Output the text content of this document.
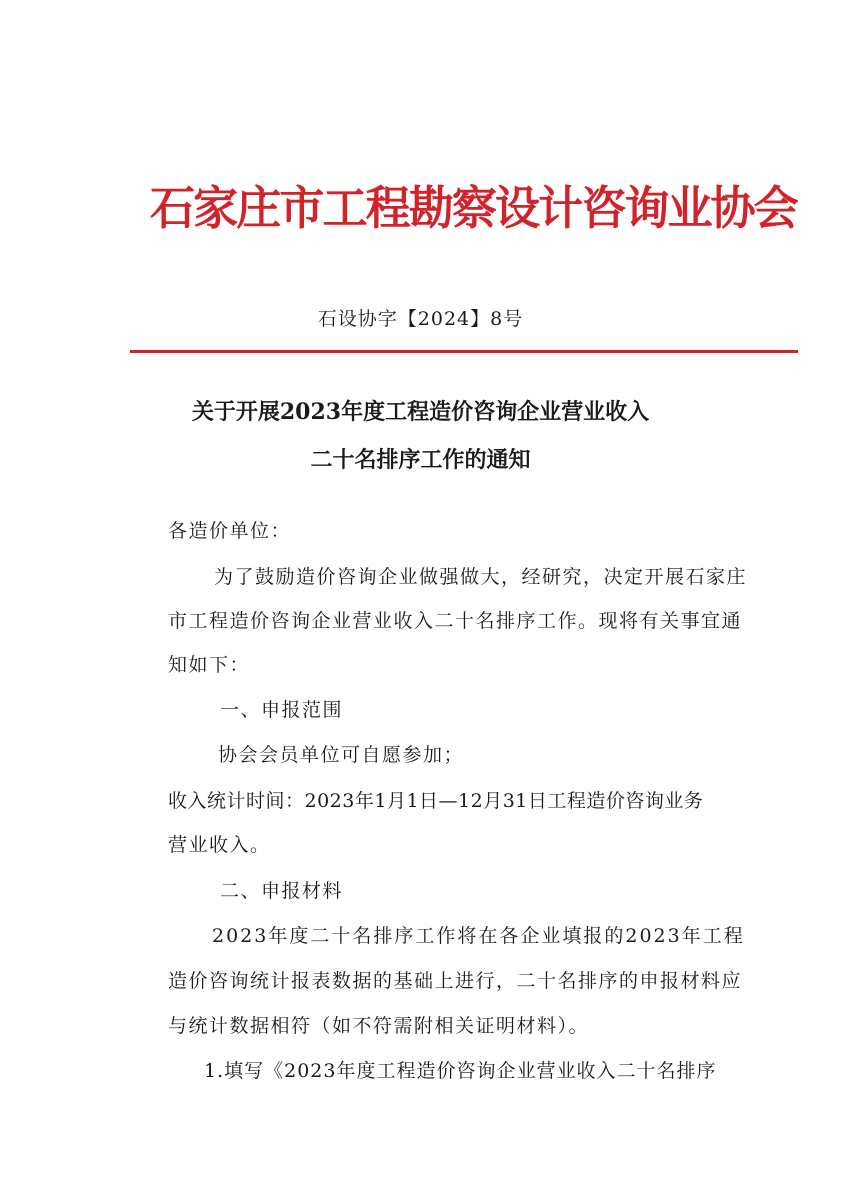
石家庄市工程勘察设计咨询业协会
石设协字【2024】8号
关于开展2023年度工程造价咨询企业营业收入
二十名排序工作的通知
各造价单位：
为了鼓励造价咨询企业做强做大，经研究，决定开展石家庄
市工程造价咨询企业营业收入二十名排序工作。现将有关事宜通
知如下：
一、申报范围
协会会员单位可自愿参加；
收入统计时间：2023年1月1日—12月31日工程造价咨询业务
营业收入。
二、申报材料
2023年度二十名排序工作将在各企业填报的2023年工程
造价咨询统计报表数据的基础上进行，二十名排序的申报材料应
与统计数据相符（如不符需附相关证明材料）。
1.填写《2023年度工程造价咨询企业营业收入二十名排序
